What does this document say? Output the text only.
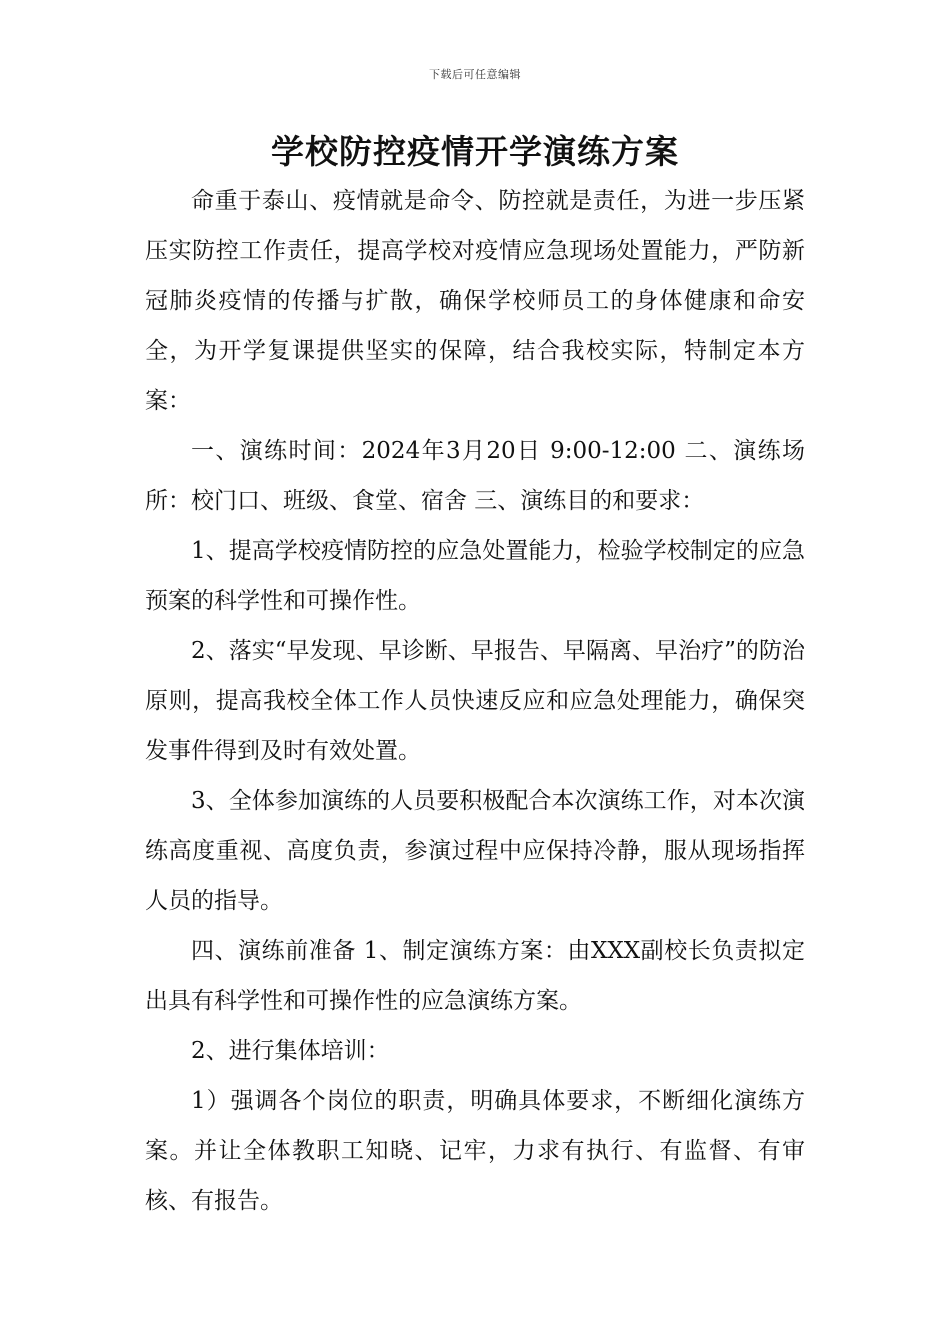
下载后可任意编辑
学校防控疫情开学演练方案

命重于泰山、疫情就是命令、防控就是责任，为进一步压紧压实防控工作责任，提高学校对疫情应急现场处置能力，严防新冠肺炎疫情的传播与扩散，确保学校师员工的身体健康和命安全，为开学复课提供坚实的保障，结合我校实际，特制定本方案：

一、演练时间：2024年3月20日 9:00-12:00 二、演练场所：校门口、班级、食堂、宿舍 三、演练目的和要求：

1、提高学校疫情防控的应急处置能力，检验学校制定的应急预案的科学性和可操作性。

2、落实“早发现、早诊断、早报告、早隔离、早治疗”的防治原则，提高我校全体工作人员快速反应和应急处理能力，确保突发事件得到及时有效处置。

3、全体参加演练的人员要积极配合本次演练工作，对本次演练高度重视、高度负责，参演过程中应保持冷静，服从现场指挥人员的指导。

四、演练前准备 1、制定演练方案：由XXX副校长负责拟定出具有科学性和可操作性的应急演练方案。

2、进行集体培训：

1）强调各个岗位的职责，明确具体要求，不断细化演练方案。并让全体教职工知晓、记牢，力求有执行、有监督、有审核、有报告。
